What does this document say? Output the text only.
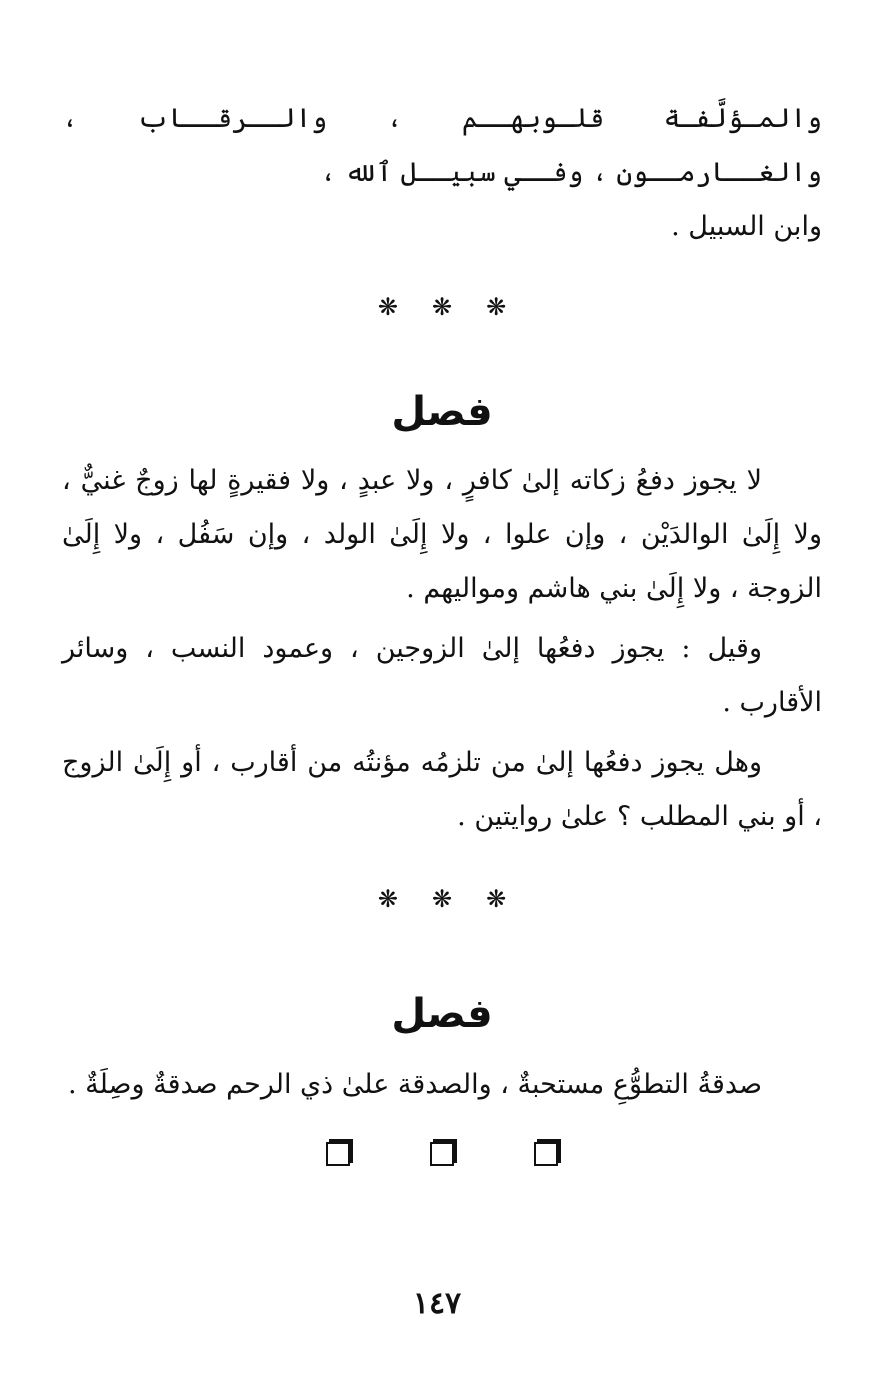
والمـؤلَّفـة قلـوبهــم ، والــرقــاب ، والغــارمــون ، وفــي سبيــل ٱلله ،
وابن السبيل .

❋
❋
❋
فصل

لا يجوز دفعُ زكاته إلىٰ كافرٍ ، ولا عبدٍ ، ولا فقيرةٍ لها زوجٌ غنيٌّ ، ولا إِلَىٰ الوالدَيْن ، وإن علوا ، ولا إِلَىٰ الولد ، وإن سَفُل ، ولا إِلَىٰ الزوجة ، ولا إِلَىٰ بني هاشم ومواليهم .

وقيل : يجوز دفعُها إلىٰ الزوجين ، وعمود النسب ، وسائر الأقارب .

وهل يجوز دفعُها إلىٰ من تلزمُه مؤنتُه من أقارب ، أو إِلَىٰ الزوج ، أو بني المطلب ؟ علىٰ روايتين .

❋
❋
❋
فصل

صدقةُ التطوُّعِ مستحبةٌ ، والصدقة علىٰ ذي الرحم صدقةٌ وصِلَةٌ .

١٤٧
